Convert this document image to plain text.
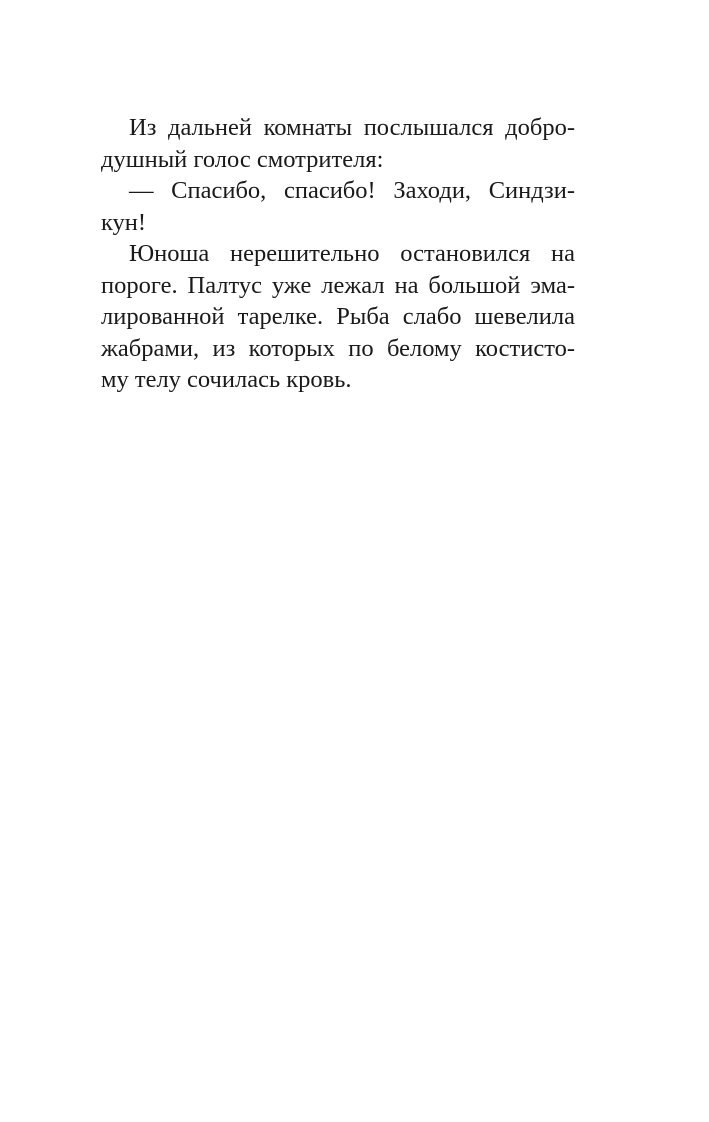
Из дальней комнаты послышался добро-
душный голос смотрителя:
— Спасибо, спасибо! Заходи, Синдзи-
кун!
Юноша нерешительно остановился на
пороге. Палтус уже лежал на большой эма-
лированной тарелке. Рыба слабо шевелила
жабрами, из которых по белому костисто-
му телу сочилась кровь.
